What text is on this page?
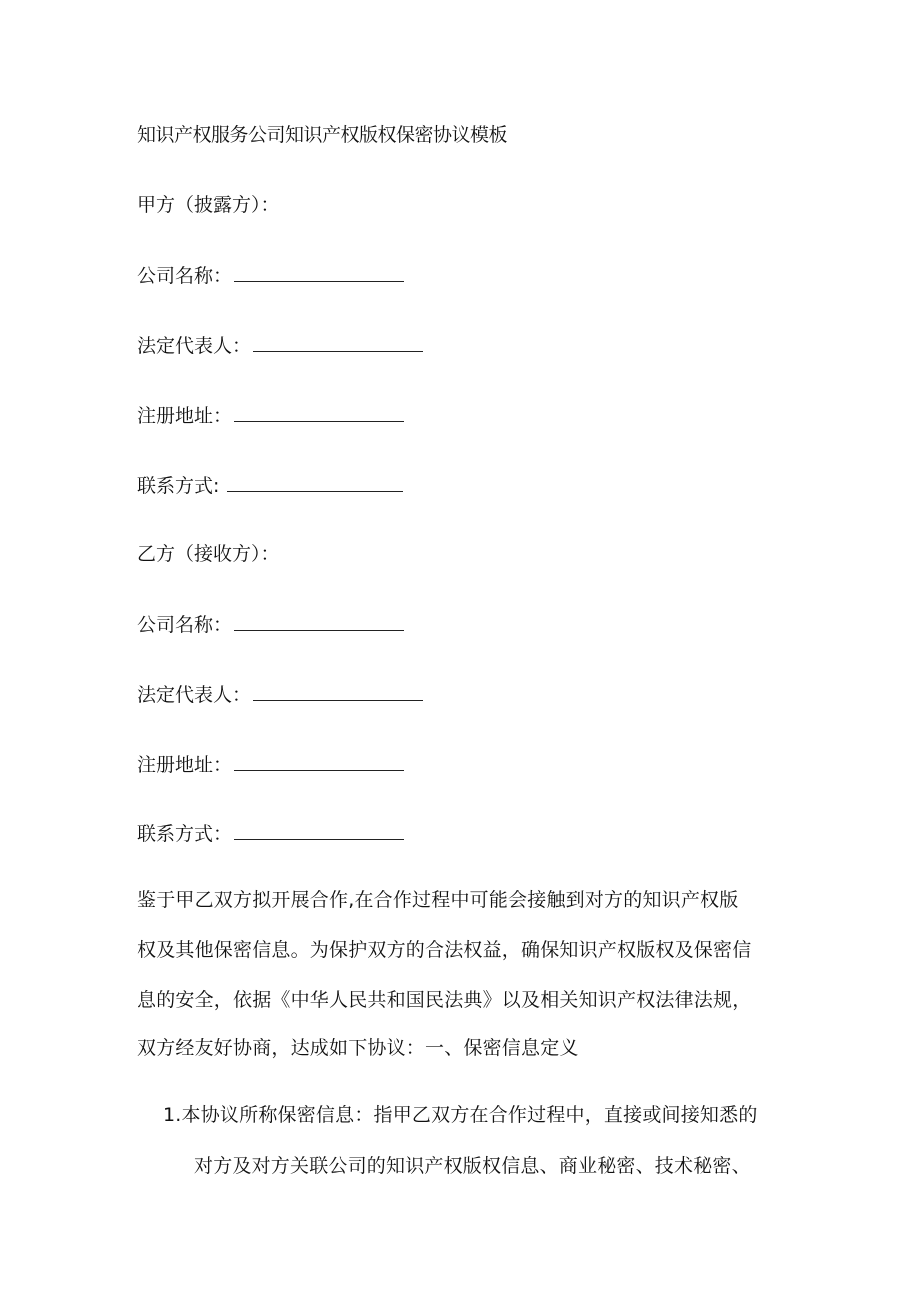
知识产权服务公司知识产权版权保密协议模板
甲方（披露方）：
公司名称：
法定代表人：
注册地址：
联系方式:
乙方（接收方）：
公司名称：
法定代表人：
注册地址：
联系方式：
鉴于甲乙双方拟开展合作,在合作过程中可能会接触到对方的知识产权版
权及其他保密信息。为保护双方的合法权益，确保知识产权版权及保密信
息的安全，依据《中华人民共和国民法典》以及相关知识产权法律法规，
双方经友好协商，达成如下协议：一、保密信息定义
1.本协议所称保密信息：指甲乙双方在合作过程中，直接或间接知悉的
对方及对方关联公司的知识产权版权信息、商业秘密、技术秘密、
